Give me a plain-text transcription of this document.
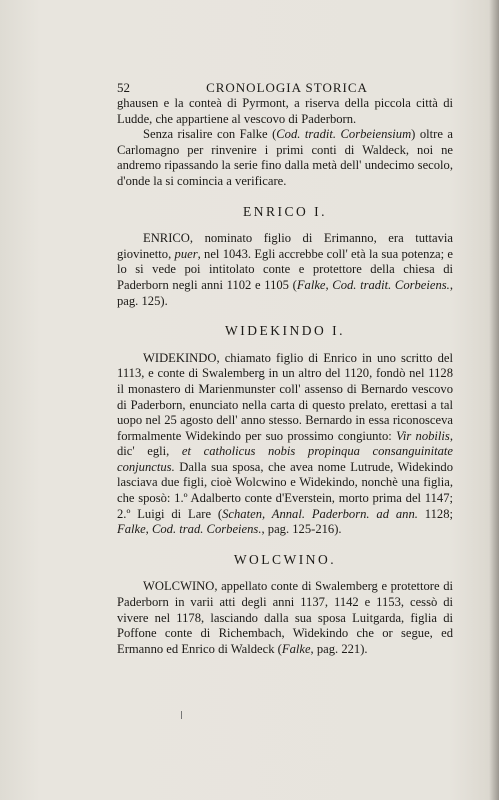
52	CRONOLOGIA STORICA

ghausen e la conteà di Pyrmont, a riserva della piccola città di Ludde, che appartiene al vescovo di Paderborn.

Senza risalire con Falke (Cod. tradit. Corbeiensium) oltre a Carlomagno per rinvenire i primi conti di Waldeck, noi ne andremo ripassando la serie fino dalla metà dell' undecimo secolo, d'onde la si comincia a verificare.

ENRICO I.

ENRICO, nominato figlio di Erimanno, era tuttavia giovinetto, puer, nel 1043. Egli accrebbe coll' età la sua potenza; e lo si vede poi intitolato conte e protettore della chiesa di Paderborn negli anni 1102 e 1105 (Falke, Cod. tradit. Corbeiens., pag. 125).

WIDEKINDO I.

WIDEKINDO, chiamato figlio di Enrico in uno scritto del 1113, e conte di Swalemberg in un altro del 1120, fondò nel 1128 il monastero di Marienmunster coll' assenso di Bernardo vescovo di Paderborn, enunciato nella carta di questo prelato, erettasi a tal uopo nel 25 agosto dell' anno stesso. Bernardo in essa riconosceva formalmente Widekindo per suo prossimo congiunto: Vir nobilis, dic' egli, et catholicus nobis propinqua consanguinitate conjunctus. Dalla sua sposa, che avea nome Lutrude, Widekindo lasciava due figli, cioè Wolcwino e Widekindo, nonchè una figlia, che sposò: 1.º Adalberto conte d'Everstein, morto prima del 1147; 2.º Luigi di Lare (Schaten, Annal. Paderborn. ad ann. 1128; Falke, Cod. trad. Corbeiens., pag. 125-216).

WOLCWINO.

WOLCWINO, appellato conte di Swalemberg e protettore di Paderborn in varii atti degli anni 1137, 1142 e 1153, cessò di vivere nel 1178, lasciando dalla sua sposa Luitgarda, figlia di Poffone conte di Richembach, Widekindo che or segue, ed Ermanno ed Enrico di Waldeck (Falke, pag. 221).
